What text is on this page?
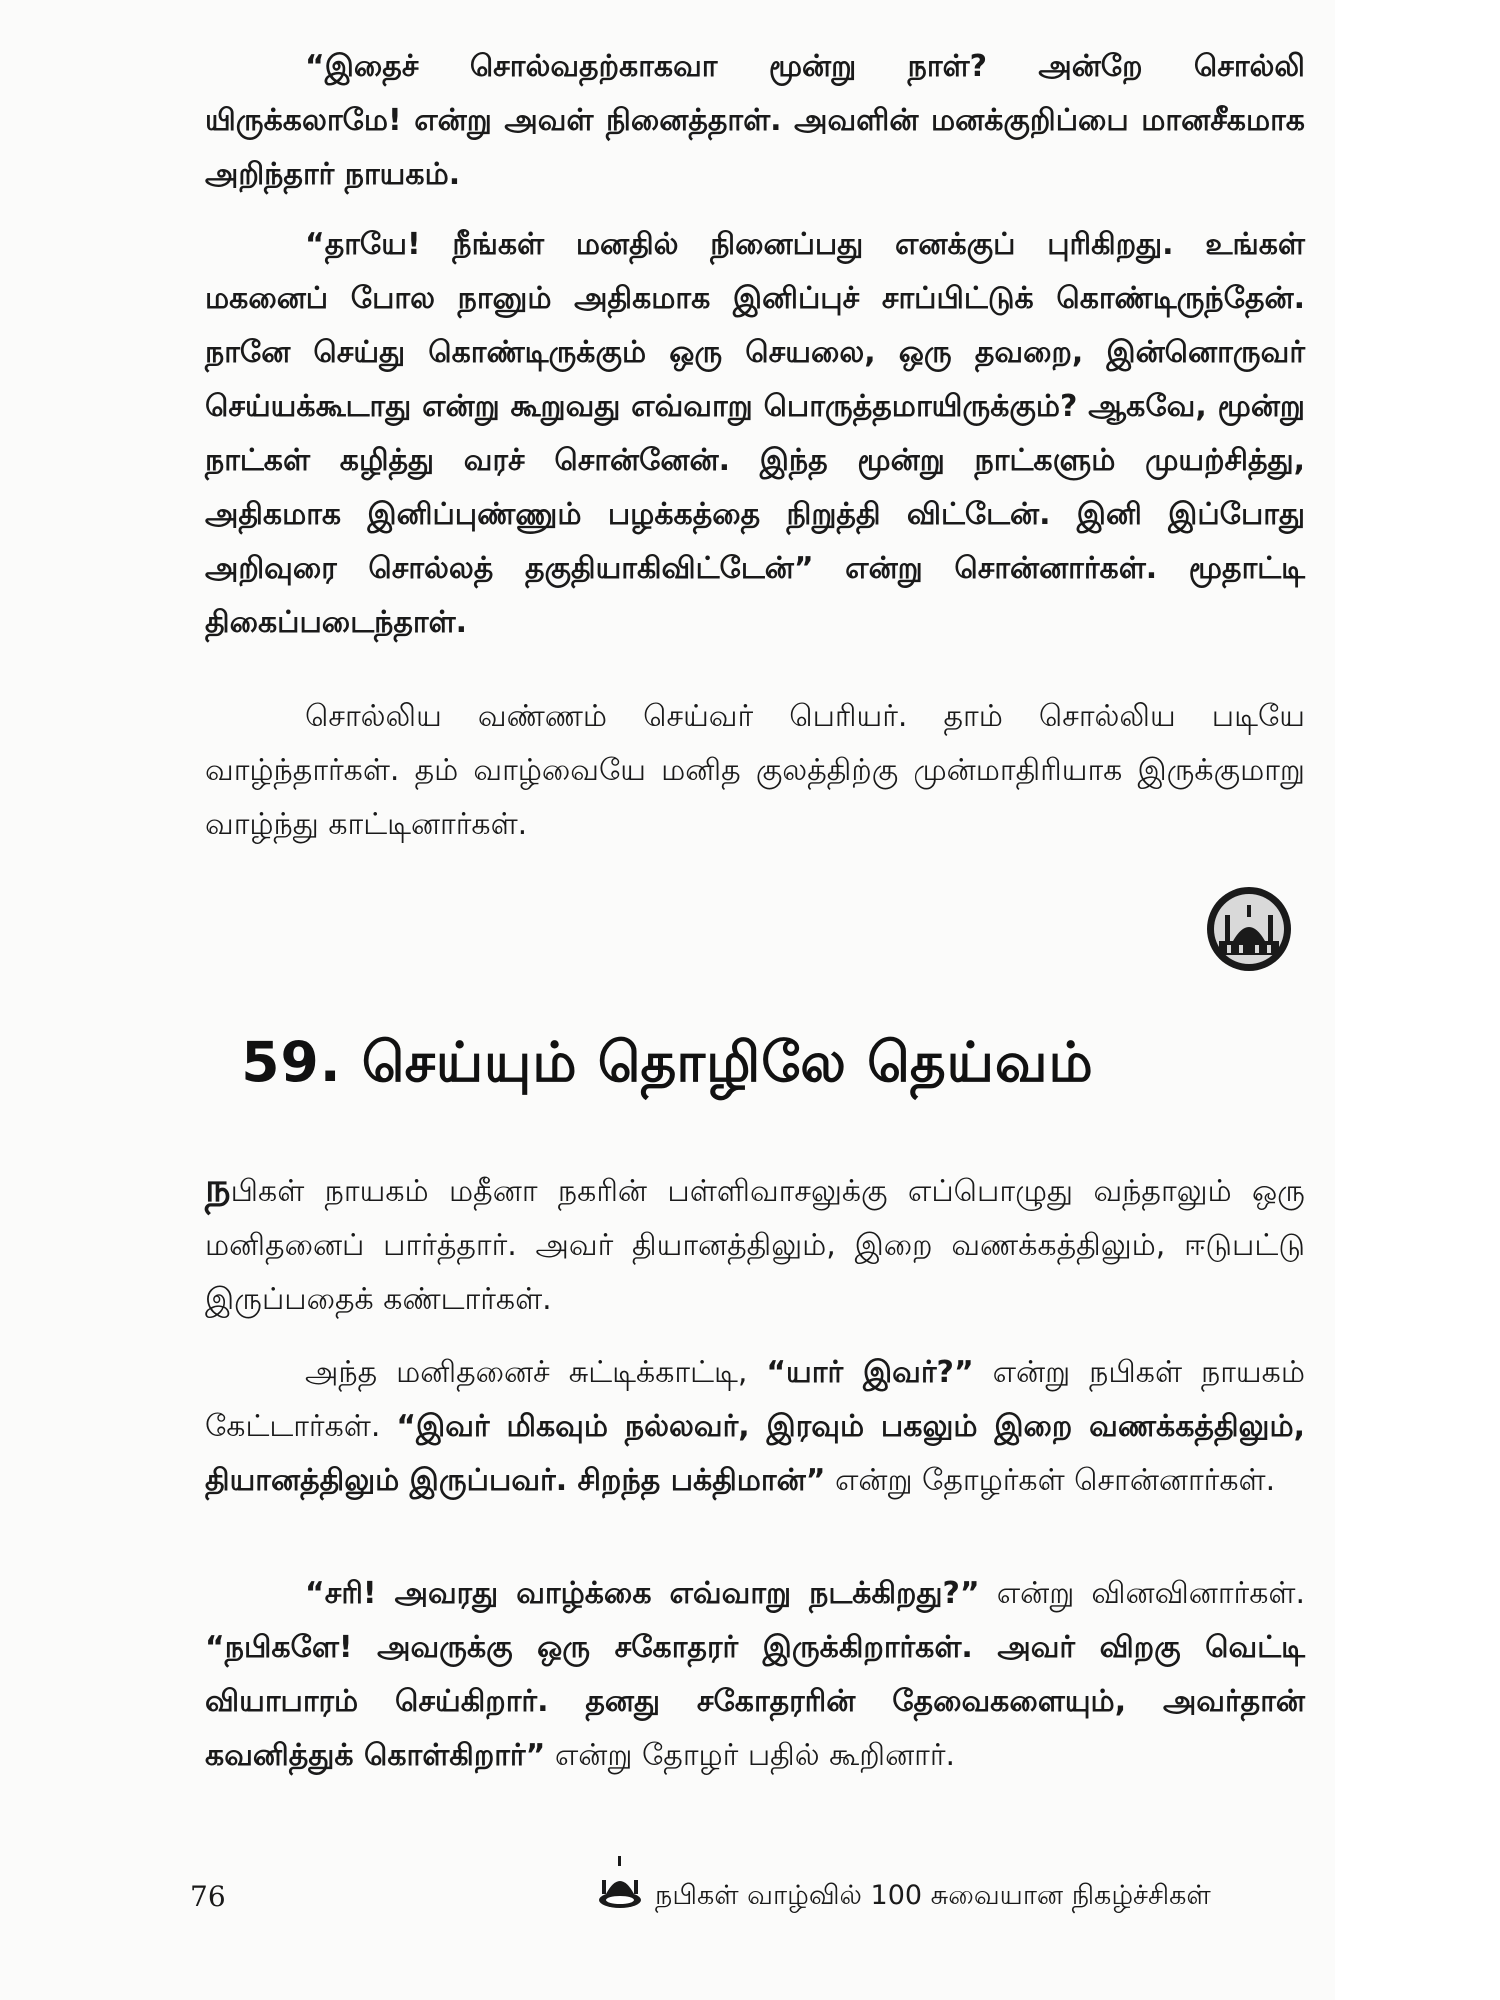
“இதைச் சொல்வதற்காகவா மூன்று நாள்? அன்றே சொல்லி யிருக்கலாமே! என்று அவள் நினைத்தாள். அவளின் மனக்குறிப்பை மானசீகமாக அறிந்தார் நாயகம்.

“தாயே! நீங்கள் மனதில் நினைப்பது எனக்குப் புரிகிறது. உங்கள் மகனைப் போல நானும் அதிகமாக இனிப்புச் சாப்பிட்டுக் கொண்டிருந்தேன். நானே செய்து கொண்டிருக்கும் ஒரு செயலை, ஒரு தவறை, இன்னொருவர் செய்யக்கூடாது என்று கூறுவது எவ்வாறு பொருத்தமாயிருக்கும்? ஆகவே, மூன்று நாட்கள் கழித்து வரச் சொன்னேன். இந்த மூன்று நாட்களும் முயற்சித்து, அதிகமாக இனிப்புண்ணும் பழக்கத்தை நிறுத்தி விட்டேன். இனி இப்போது அறிவுரை சொல்லத் தகுதியாகிவிட்டேன்” என்று சொன்னார்கள். மூதாட்டி திகைப்படைந்தாள்.

சொல்லிய வண்ணம் செய்வர் பெரியர். தாம் சொல்லிய படியே வாழ்ந்தார்கள். தம் வாழ்வையே மனித குலத்திற்கு முன்மாதிரியாக இருக்குமாறு வாழ்ந்து காட்டினார்கள்.

59. செய்யும் தொழிலே தெய்வம்

நபிகள் நாயகம் மதீனா நகரின் பள்ளிவாசலுக்கு எப்பொழுது வந்தாலும் ஒரு மனிதனைப் பார்த்தார். அவர் தியானத்திலும், இறை வணக்கத்திலும், ஈடுபட்டு இருப்பதைக் கண்டார்கள்.

அந்த மனிதனைச் சுட்டிக்காட்டி, “யார் இவர்?” என்று நபிகள் நாயகம் கேட்டார்கள். “இவர் மிகவும் நல்லவர், இரவும் பகலும் இறை வணக்கத்திலும், தியானத்திலும் இருப்பவர். சிறந்த பக்திமான்” என்று தோழர்கள் சொன்னார்கள்.

“சரி! அவரது வாழ்க்கை எவ்வாறு நடக்கிறது?” என்று வினவினார்கள். “நபிகளே! அவருக்கு ஒரு சகோதரர் இருக்கிறார்கள். அவர் விறகு வெட்டி வியாபாரம் செய்கிறார். தனது சகோதரரின் தேவைகளையும், அவர்தான் கவனித்துக் கொள்கிறார்” என்று தோழர் பதில் கூறினார்.

76	நபிகள் வாழ்வில் 100 சுவையான நிகழ்ச்சிகள்
